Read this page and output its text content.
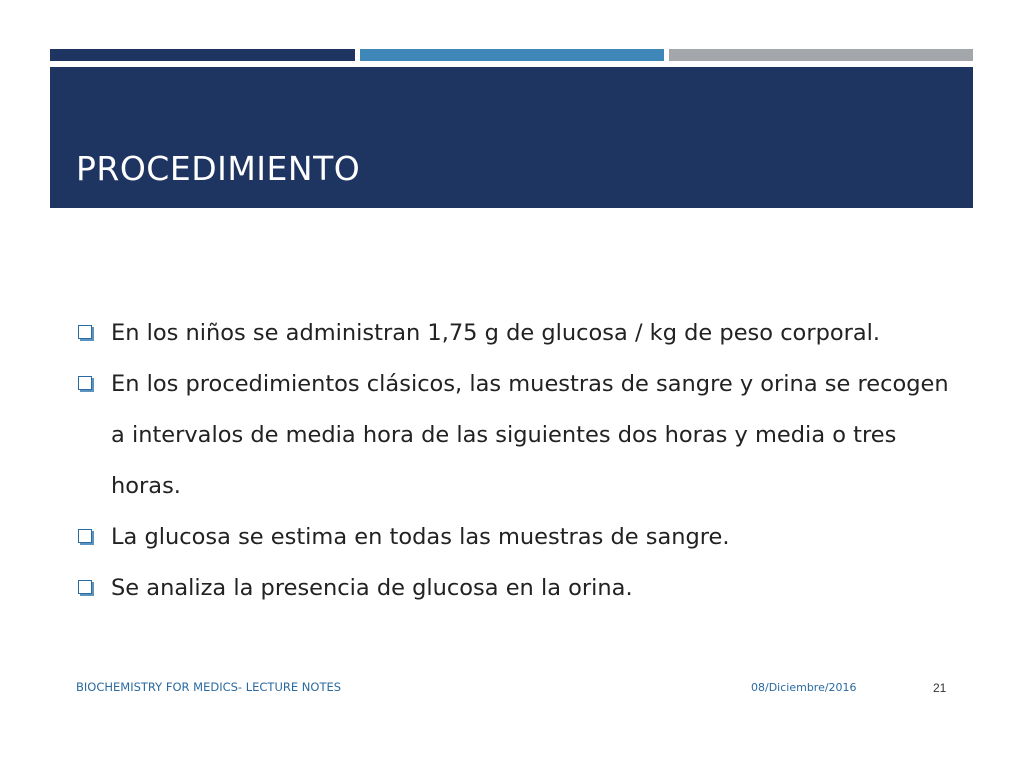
PROCEDIMIENTO
En los niños se administran 1,75 g de glucosa / kg de peso corporal.
En los procedimientos clásicos, las muestras de sangre y orina se recogen a intervalos de media hora de las siguientes dos horas y media o tres horas.
La glucosa se estima en todas las muestras de sangre.
Se analiza la presencia de glucosa en la orina.
BIOCHEMISTRY FOR MEDICS- LECTURE NOTES	08/Diciembre/2016	21
